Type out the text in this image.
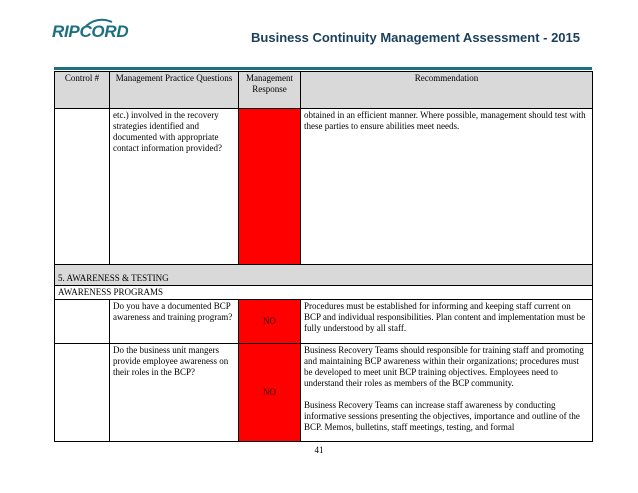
RIPCORD	Business Continuity Management Assessment - 2015
Control #	Management Practice Questions	Management Response	Recommendation
	etc.) involved in the recovery strategies identified and documented with appropriate contact information provided?		obtained in an efficient manner. Where possible, management should test with these parties to ensure abilities meet needs.
5. AWARENESS & TESTING			
AWARENESS PROGRAMS			
	Do you have a documented BCP awareness and training program?	NO	Procedures must be established for informing and keeping staff current on BCP and individual responsibilities. Plan content and implementation must be fully understood by all staff.
	Do the business unit mangers provide employee awareness on their roles in the BCP?	NO	Business Recovery Teams should responsible for training staff and promoting and maintaining BCP awareness within their organizations; procedures must be developed to meet unit BCP training objectives. Employees need to understand their roles as members of the BCP community.

Business Recovery Teams can increase staff awareness by conducting informative sessions presenting the objectives, importance and outline of the BCP. Memos, bulletins, staff meetings, testing, and formal

41
